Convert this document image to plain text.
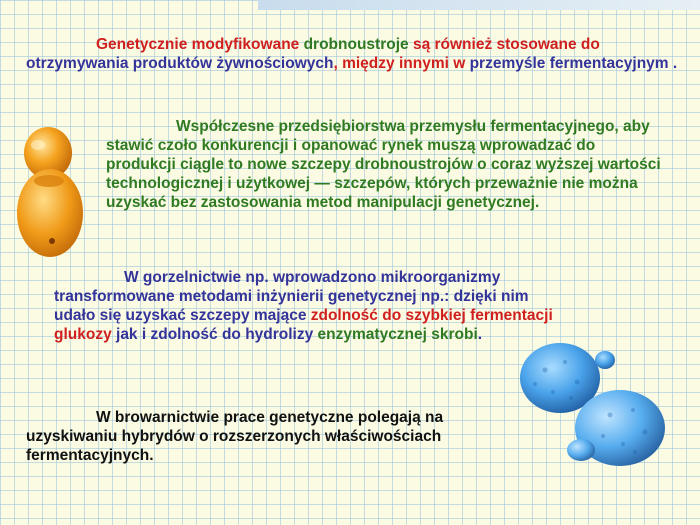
Genetycznie modyfikowane drobnoustroje są również stosowane do otrzymywania produktów żywnościowych, między innymi w przemyśle fermentacyjnym .
Współczesne przedsiębiorstwa przemysłu fermentacyjnego, aby stawić czoło konkurencji i opanować rynek muszą wprowadzać do produkcji ciągle to nowe szczepy drobnoustrojów o coraz wyższej wartości technologicznej i użytkowej — szczepów, których przeważnie nie można uzyskać bez zastosowania metod manipulacji genetycznej.
W gorzelnictwie np. wprowadzono mikroorganizmy transformowane metodami inżynierii genetycznej np.: dzięki nim udało się uzyskać szczepy mające zdolność do szybkiej fermentacji glukozy jak i zdolność do hydrolizy enzymatycznej skrobi.
W browarnictwie prace genetyczne polegają na uzyskiwaniu hybrydów o rozszerzonych właściwościach fermentacyjnych.
